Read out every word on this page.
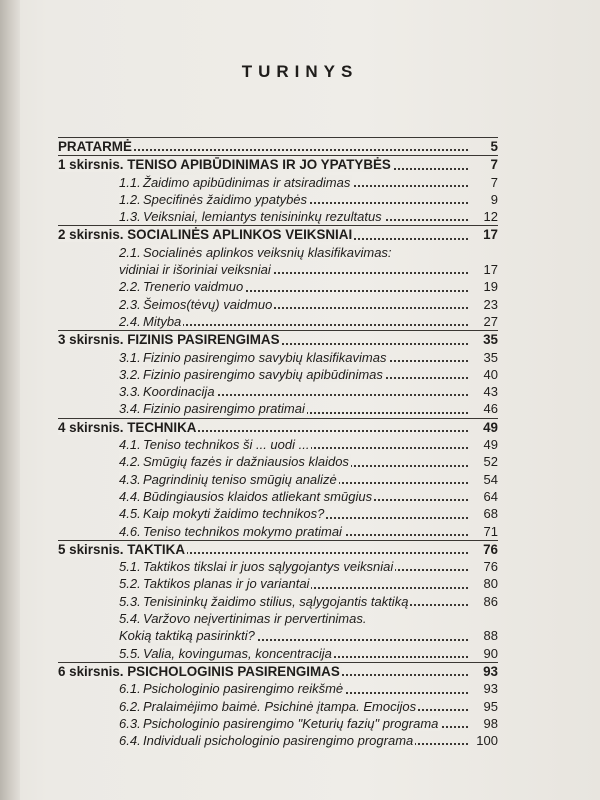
TURINYS
PRATARMĖ	5
1 skirsnis. TENISO APIBŪDINIMAS IR JO YPATYBĖS	7
1.1. Žaidimo apibūdinimas ir atsiradimas	7
1.2. Specifinės žaidimo ypatybės	9
1.3. Veiksniai, lemiantys tenisininkų rezultatus	12
2 skirsnis. SOCIALINĖS APLINKOS VEIKSNIAI	17
2.1. Socialinės aplinkos veiksnių klasifikavimas:
vidiniai ir išoriniai veiksniai	17
2.2. Trenerio vaidmuo	19
2.3. Šeimos(tėvų) vaidmuo	23
2.4. Mityba	27
3 skirsnis. FIZINIS PASIRENGIMAS	35
3.1. Fizinio pasirengimo savybių klasifikavimas	35
3.2. Fizinio pasirengimo savybių apibūdinimas	40
3.3. Koordinacija	43
3.4. Fizinio pasirengimo pratimai	46
4 skirsnis. TECHNIKA	49
4.1. Teniso technikos ši ... uodi ...	49
4.2. Smūgių fazės ir dažniausios klaidos	52
4.3. Pagrindinių teniso smūgių analizė	54
4.4. Būdingiausios klaidos atliekant smūgius	64
4.5. Kaip mokyti žaidimo technikos?	68
4.6. Teniso technikos mokymo pratimai	71
5 skirsnis. TAKTIKA	76
5.1. Taktikos tikslai ir juos sąlygojantys veiksniai	76
5.2. Taktikos planas ir jo variantai	80
5.3. Tenisininkų žaidimo stilius, sąlygojantis taktiką	86
5.4. Varžovo neįvertinimas ir pervertinimas.
Kokią taktiką pasirinkti?	88
5.5. Valia, kovingumas, koncentracija	90
6 skirsnis. PSICHOLOGINIS PASIRENGIMAS	93
6.1. Psichologinio pasirengimo reikšmė	93
6.2. Pralaimėjimo baimė. Psichinė įtampa. Emocijos	95
6.3. Psichologinio pasirengimo "Keturių fazių" programa	98
6.4. Individuali psichologinio pasirengimo programa	100
